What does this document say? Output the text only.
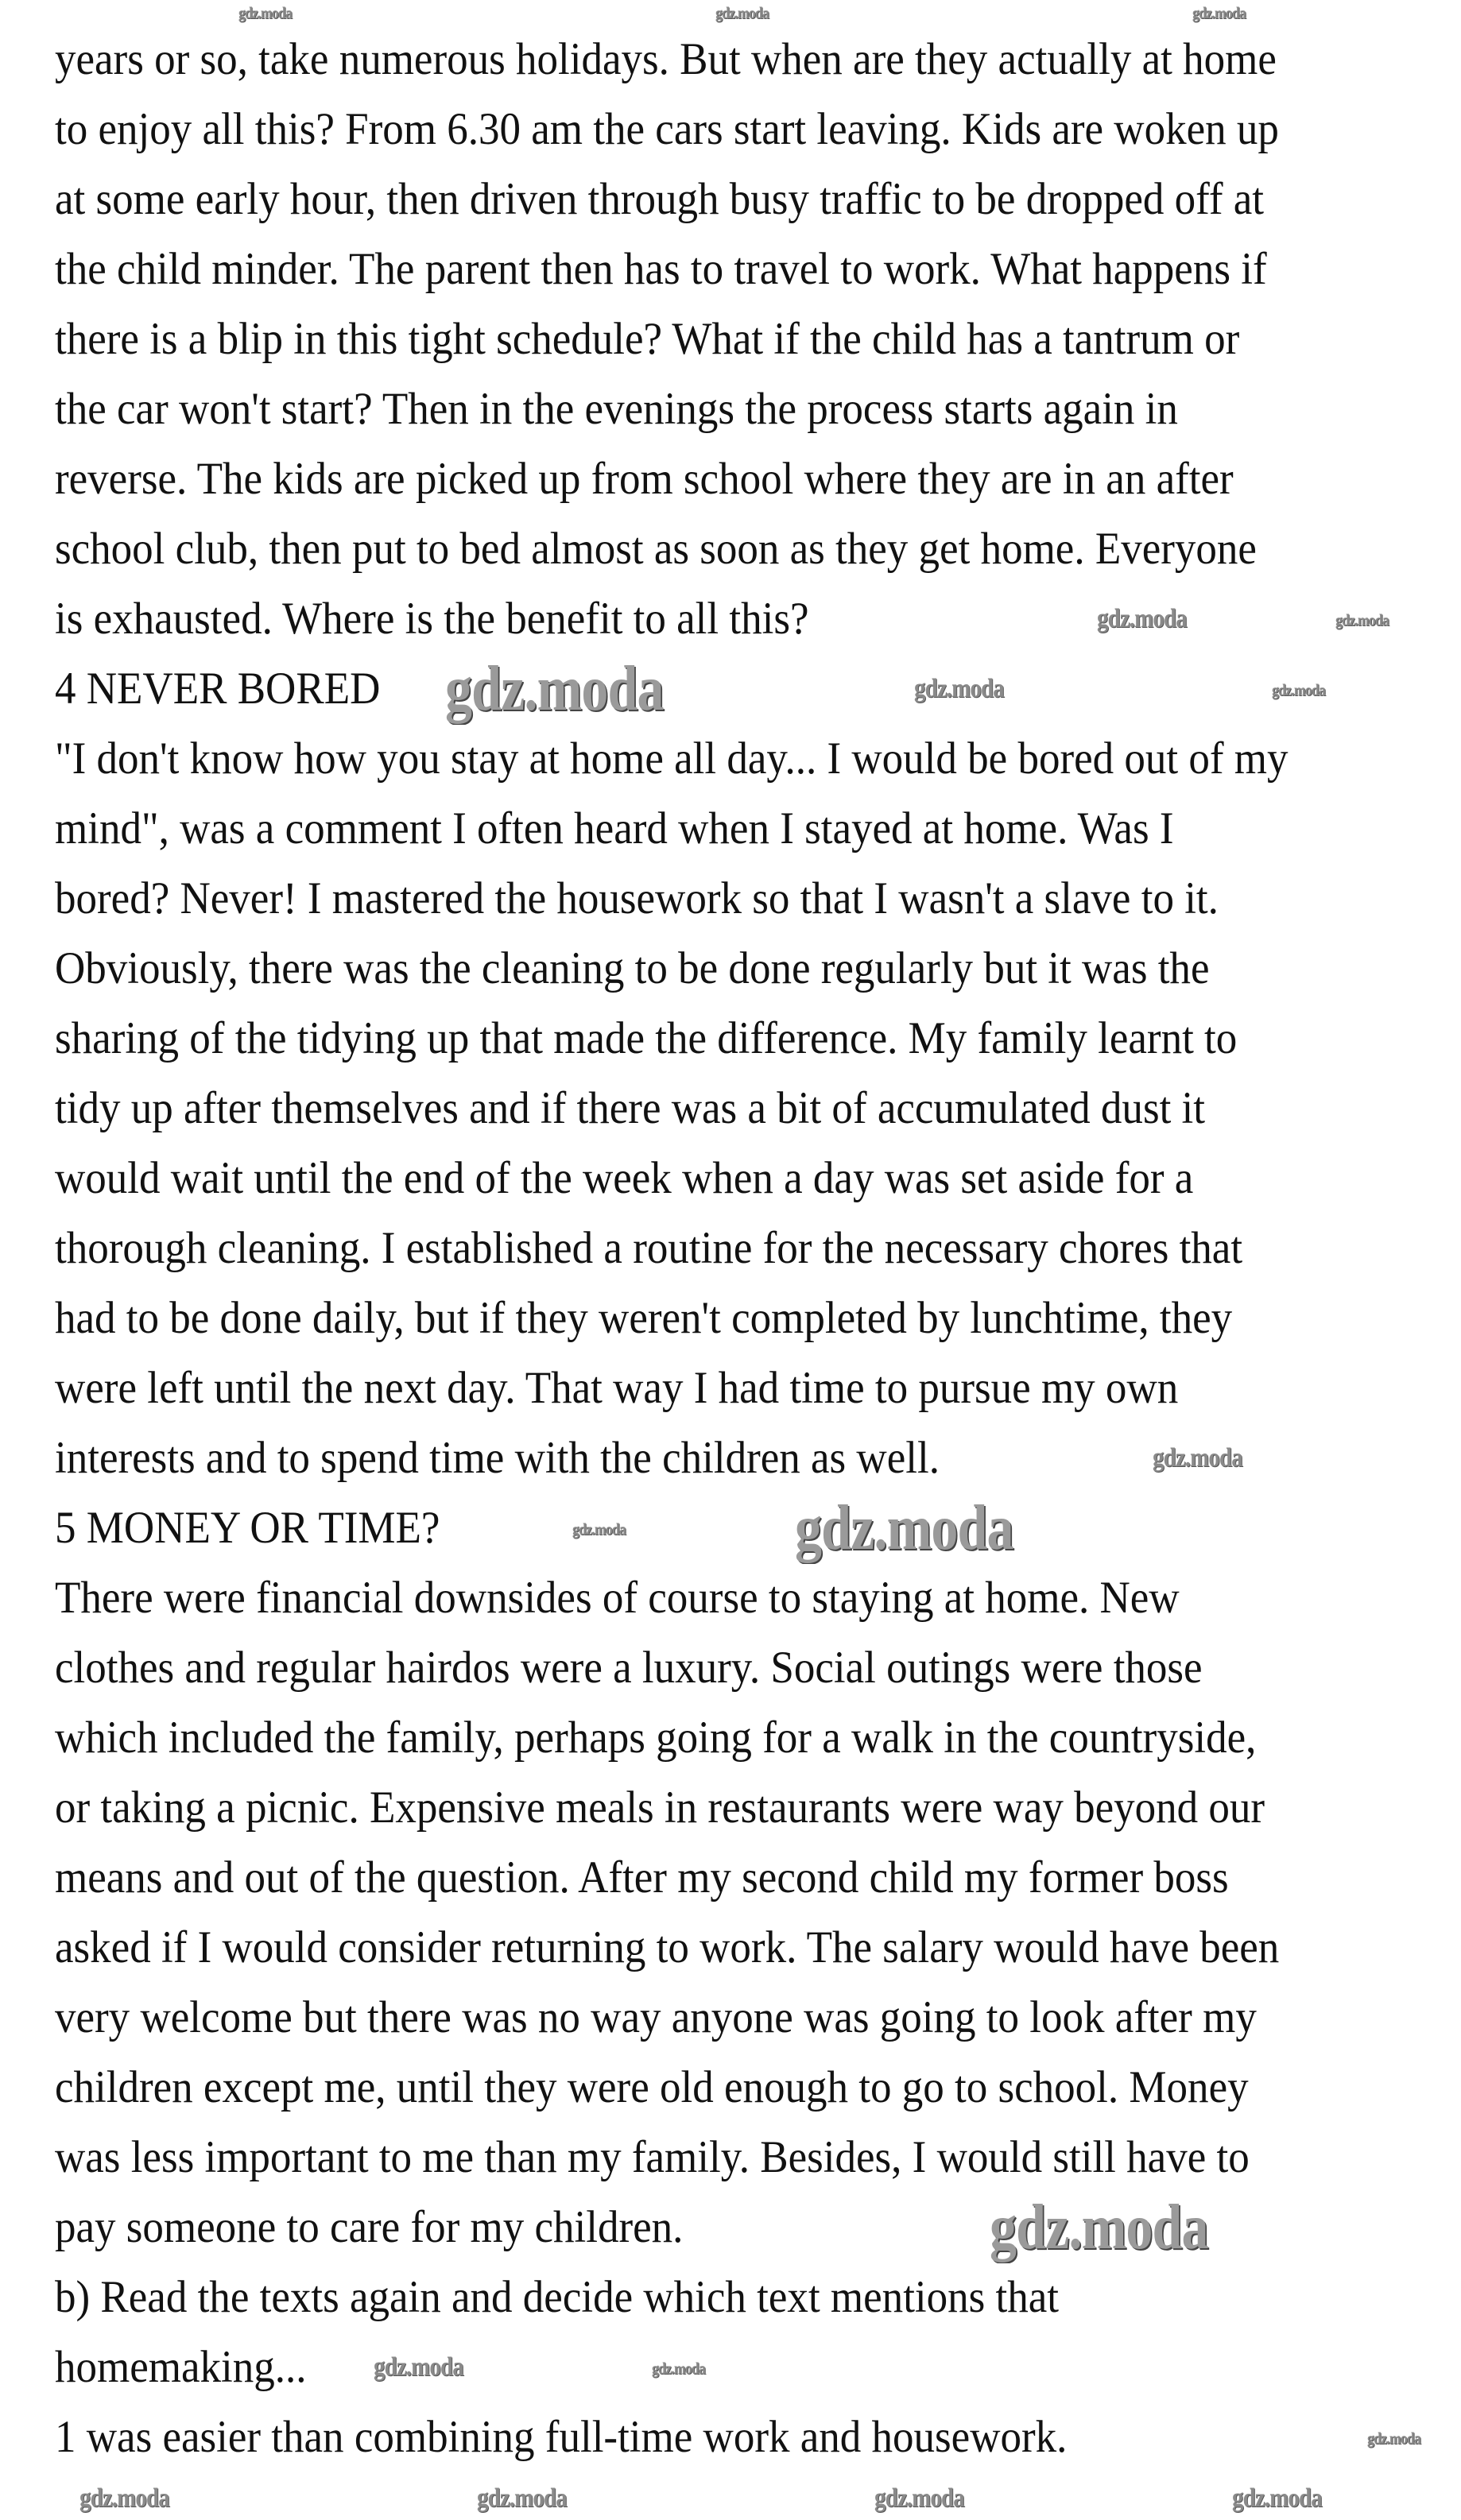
years or so, take numerous holidays. But when are they actually at home
to enjoy all this? From 6.30 am the cars start leaving. Kids are woken up
at some early hour, then driven through busy traffic to be dropped off at
the child minder. The parent then has to travel to work. What happens if
there is a blip in this tight schedule? What if the child has a tantrum or
the car won't start? Then in the evenings the process starts again in
reverse. The kids are picked up from school where they are in an after
school club, then put to bed almost as soon as they get home. Everyone
is exhausted. Where is the benefit to all this?
4 NEVER BORED
"I don't know how you stay at home all day... I would be bored out of my
mind", was a comment I often heard when I stayed at home. Was I
bored? Never! I mastered the housework so that I wasn't a slave to it.
Obviously, there was the cleaning to be done regularly but it was the
sharing of the tidying up that made the difference. My family learnt to
tidy up after themselves and if there was a bit of accumulated dust it
would wait until the end of the week when a day was set aside for a
thorough cleaning. I established a routine for the necessary chores that
had to be done daily, but if they weren't completed by lunchtime, they
were left until the next day. That way I had time to pursue my own
interests and to spend time with the children as well.
5 MONEY OR TIME?
There were financial downsides of course to staying at home. New
clothes and regular hairdos were a luxury. Social outings were those
which included the family, perhaps going for a walk in the countryside,
or taking a picnic. Expensive meals in restaurants were way beyond our
means and out of the question. After my second child my former boss
asked if I would consider returning to work. The salary would have been
very welcome but there was no way anyone was going to look after my
children except me, until they were old enough to go to school. Money
was less important to me than my family. Besides, I would still have to
pay someone to care for my children.
b) Read the texts again and decide which text mentions that
homemaking...
1 was easier than combining full-time work and housework.
gdz.moda	gdz.moda	gdz.moda
gdz.moda	gdz.moda
gdz.moda	gdz.moda	gdz.moda
gdz.moda
gdz.moda	gdz.moda
gdz.moda
gdz.moda	gdz.moda
gdz.moda
gdz.moda	gdz.moda	gdz.moda	gdz.moda
